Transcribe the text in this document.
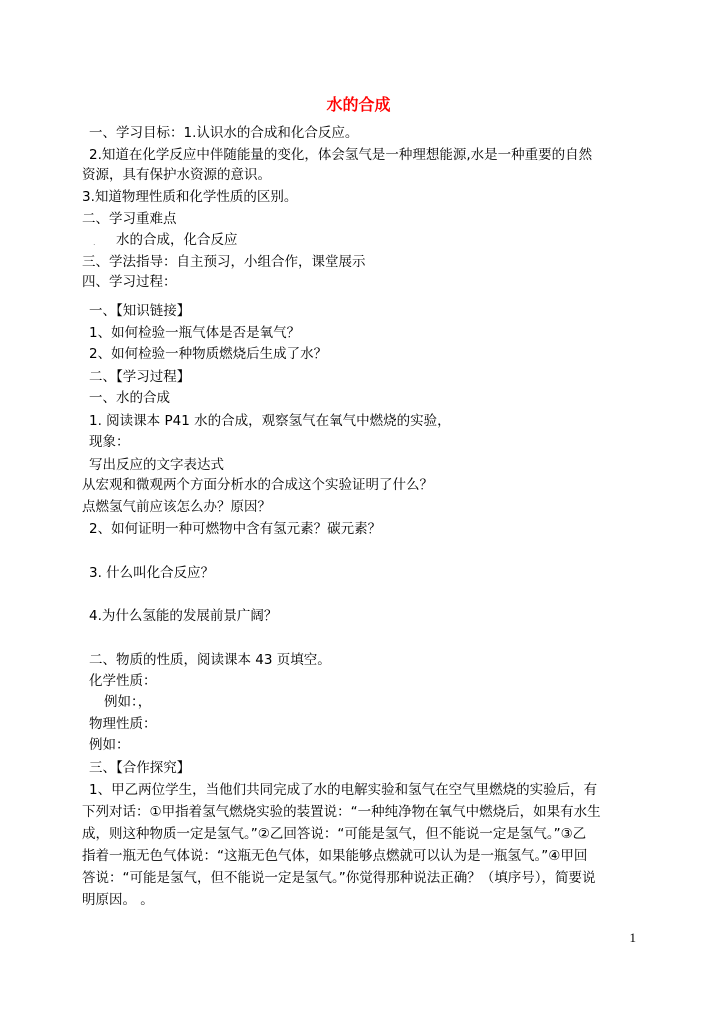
水的合成
一、学习目标：1.认识水的合成和化合反应。
2.知道在化学反应中伴随能量的变化，体会氢气是一种理想能源,水是一种重要的自然
资源，具有保护水资源的意识。
3.知道物理性质和化学性质的区别。
二、学习重难点
. 水的合成，化合反应
三、学法指导：自主预习，小组合作，课堂展示
四、学习过程：
一、【知识链接】
1、如何检验一瓶气体是否是氧气？
2、如何检验一种物质燃烧后生成了水？
二、【学习过程】
一、水的合成
1. 阅读课本 P41 水的合成，观察氢气在氧气中燃烧的实验，
现象：
写出反应的文字表达式
从宏观和微观两个方面分析水的合成这个实验证明了什么？
点燃氢气前应该怎么办？原因？
2、如何证明一种可燃物中含有氢元素？碳元素？
3. 什么叫化合反应？
4.为什么氢能的发展前景广阔？
二、物质的性质，阅读课本 43 页填空。
化学性质：
例如：，
物理性质：
例如：
三、【合作探究】
1、甲乙两位学生，当他们共同完成了水的电解实验和氢气在空气里燃烧的实验后，有
下列对话：①甲指着氢气燃烧实验的装置说：“一种纯净物在氧气中燃烧后，如果有水生
成，则这种物质一定是氢气。”②乙回答说：“可能是氢气，但不能说一定是氢气。”③乙
指着一瓶无色气体说：“这瓶无色气体，如果能够点燃就可以认为是一瓶氢气。”④甲回
答说：“可能是氢气，但不能说一定是氢气。”你觉得那种说法正确？（填序号），简要说
明原因。 。
1
